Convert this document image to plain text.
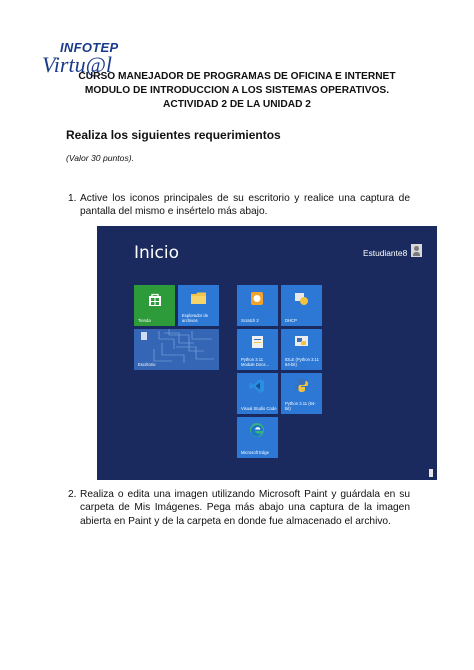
INFOTEP
Virtu@l
CURSO MANEJADOR DE PROGRAMAS DE OFICINA E INTERNET
MODULO DE INTRODUCCION A LOS SISTEMAS OPERATIVOS.
ACTIVIDAD 2 DE LA UNIDAD 2
Realiza los siguientes requerimientos
(Valor 30 puntos).
1. Active los iconos principales de su escritorio y realice una captura de pantalla del mismo e insértelo más abajo.
Inicio	Estudiante8
Tienda
Explorador de archivos
Escritorio
Scratch 2	DHCP
Python 3.11 Module Docs...
IDLE (Python 3.11 64-bit)
Visual Studio Code
Python 3.11 (64-bit)
Microsoft Edge
2. Realiza o edita una imagen utilizando Microsoft Paint y guárdala en su carpeta de Mis Imágenes. Pega más abajo una captura de la imagen abierta en Paint y de la carpeta en donde fue almacenado el archivo.
